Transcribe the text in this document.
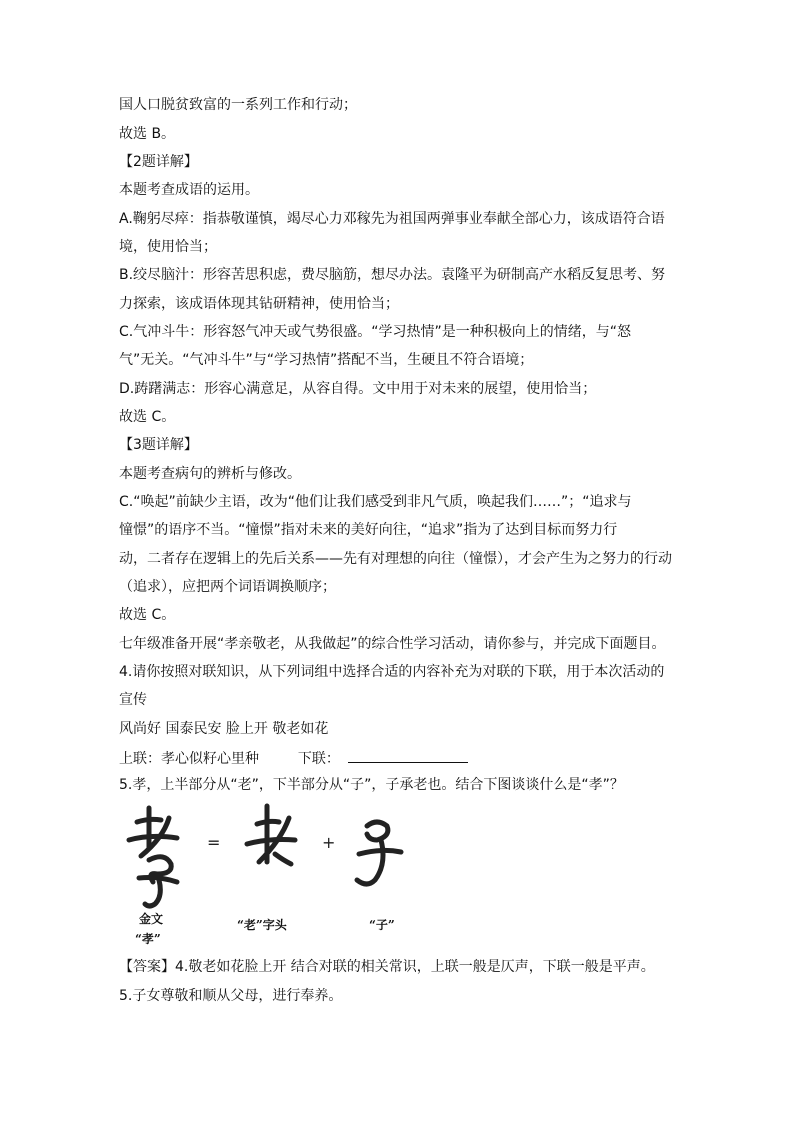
国人口脱贫致富的一系列工作和行动；
故选 B。
【2题详解】
本题考查成语的运用。
A.鞠躬尽瘁：指恭敬谨慎，竭尽心力邓稼先为祖国两弹事业奉献全部心力，该成语符合语
境，使用恰当；
B.绞尽脑汁：形容苦思积虑，费尽脑筋，想尽办法。袁隆平为研制高产水稻反复思考、努
力探索，该成语体现其钻研精神，使用恰当；
C.气冲斗牛：形容怒气冲天或气势很盛。“学习热情”是一种积极向上的情绪，与“怒
气”无关。“气冲斗牛”与“学习热情”搭配不当，生硬且不符合语境；
D.踌躇满志：形容心满意足，从容自得。文中用于对未来的展望，使用恰当；
故选 C。
【3题详解】
本题考查病句的辨析与修改。
C.“唤起”前缺少主语，改为“他们让我们感受到非凡气质，唤起我们……”；“追求与
憧憬”的语序不当。“憧憬”指对未来的美好向往，“追求”指为了达到目标而努力行
动，二者存在逻辑上的先后关系——先有对理想的向往（憧憬），才会产生为之努力的行动
（追求），应把两个词语调换顺序；
故选 C。
七年级准备开展“孝亲敬老，从我做起”的综合性学习活动，请你参与，并完成下面题目。
4.请你按照对联知识，从下列词组中选择合适的内容补充为对联的下联，用于本次活动的
宣传
风尚好 国泰民安 脸上开 敬老如花
上联：孝心似籽心里种	下联：
5.孝，上半部分从“老”，下半部分从“子”，子承老也。结合下图谈谈什么是“孝”？
=	+
金文
“孝”
“老”字头	“子”
【答案】4.敬老如花脸上开 结合对联的相关常识，上联一般是仄声，下联一般是平声。
5.子女尊敬和顺从父母，进行奉养。
